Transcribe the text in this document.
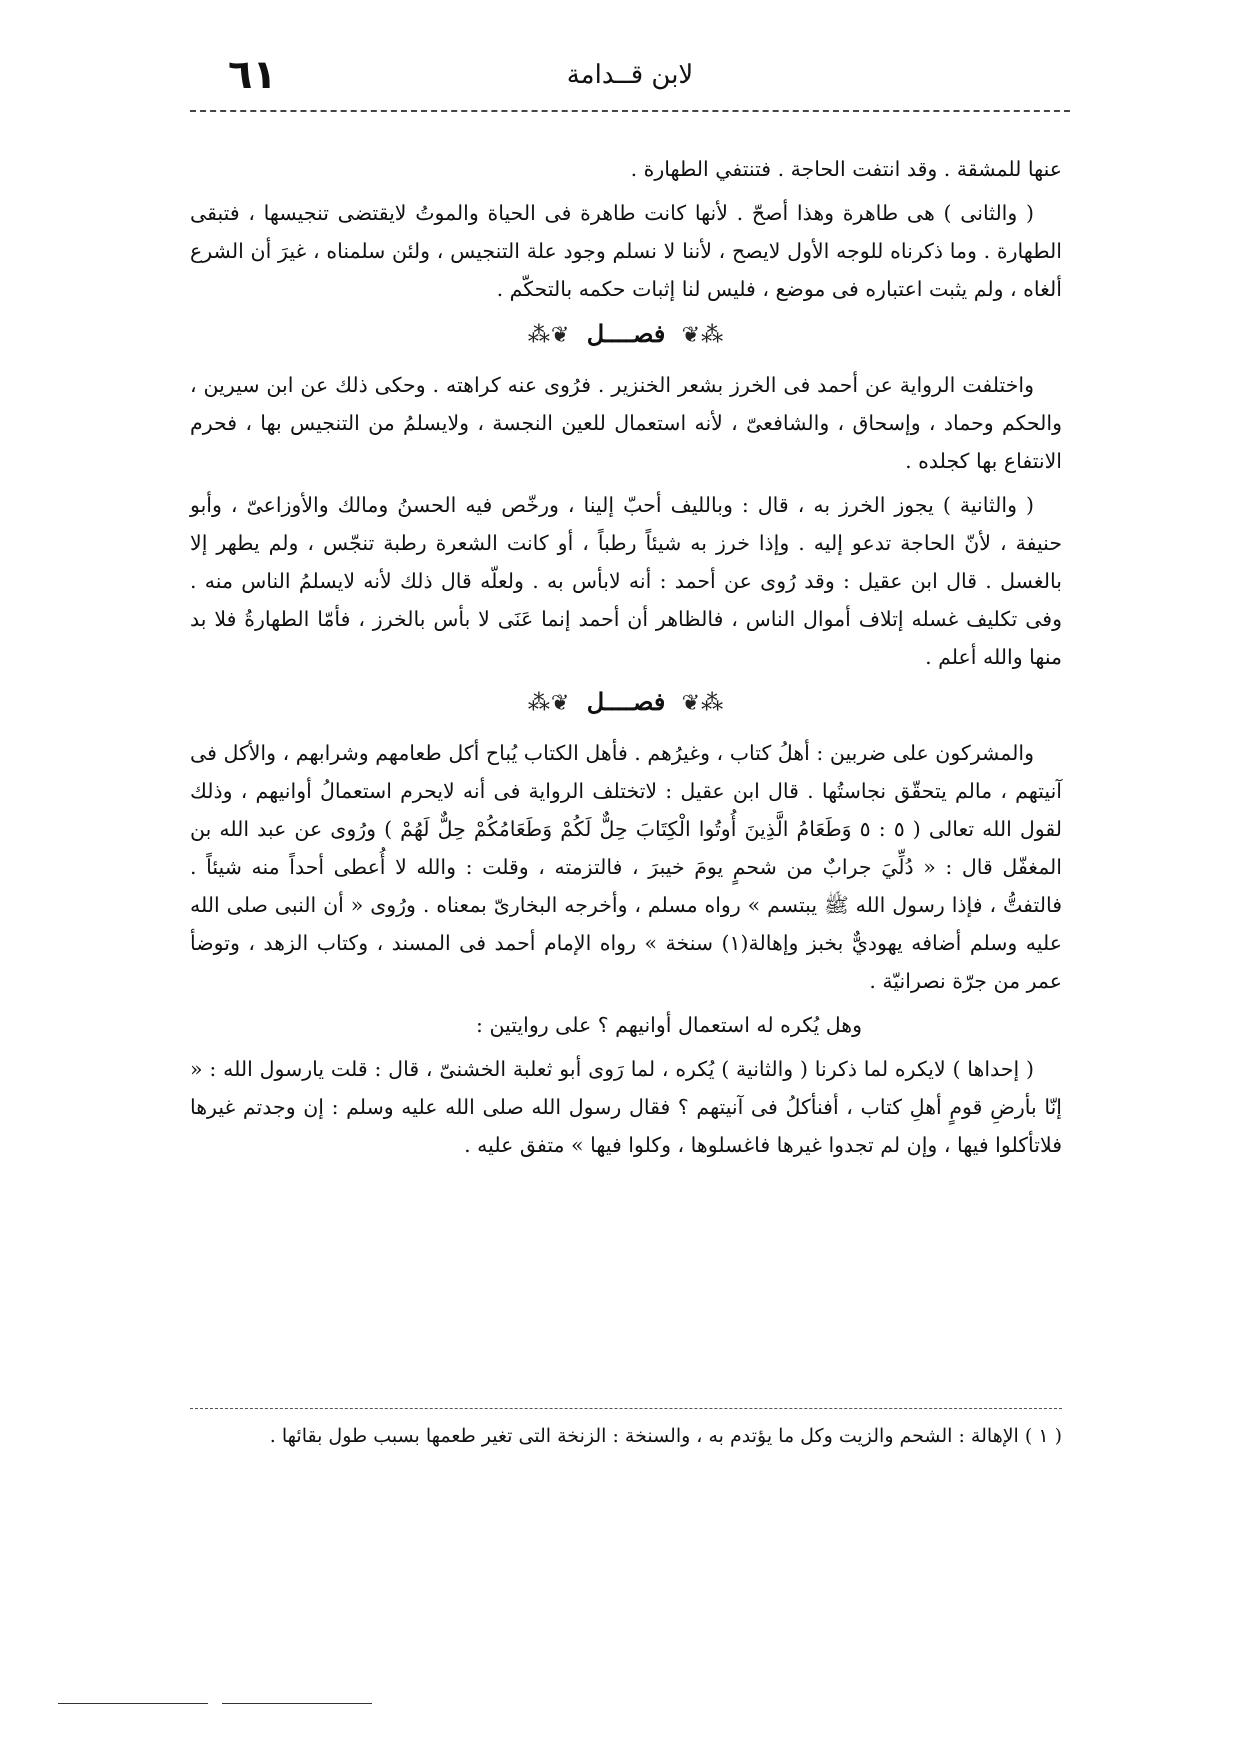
٦١	لابن قــدامة

عنها للمشقة . وقد انتفت الحاجة . فتنتفي الطهارة .

( والثانى ) هى طاهرة وهذا أصحّ . لأنها كانت طاهرة فى الحياة والموتُ لايقتضى تنجيسها ، فتبقى الطهارة . وما ذكرناه للوجه الأول لايصح ، لأننا لا نسلم وجود علة التنجيس ، ولئن سلمناه ، غيرَ أن الشرع ألغاه ، ولم يثبت اعتباره فى موضع ، فليس لنا إثبات حكمه بالتحكّم .

⁂❦ فصــــل ❦⁂

واختلفت الرواية عن أحمد فى الخرز بشعر الخنزير . فرُوى عنه كراهته . وحكى ذلك عن ابن سيرين ، والحكم وحماد ، وإسحاق ، والشافعىّ ، لأنه استعمال للعين النجسة ، ولايسلمُ من التنجيس بها ، فحرم الانتفاع بها كجلده .

( والثانية ) يجوز الخرز به ، قال : وبالليف أحبّ إلينا ، ورخّص فيه الحسنُ ومالك والأوزاعىّ ، وأبو حنيفة ، لأنّ الحاجة تدعو إليه . وإذا خرز به شيئاً رطباً ، أو كانت الشعرة رطبة تنجّس ، ولم يطهر إلا بالغسل . قال ابن عقيل : وقد رُوى عن أحمد : أنه لابأس به . ولعلّه قال ذلك لأنه لايسلمُ الناس منه . وفى تكليف غسله إتلاف أموال الناس ، فالظاهر أن أحمد إنما عَنَى لا بأس بالخرز ، فأمّا الطهارةُ فلا بد منها والله أعلم .

⁂❦ فصــــل ❦⁂

والمشركون على ضربين : أهلُ كتاب ، وغيرُهم . فأهل الكتاب يُباح أكل طعامهم وشرابهم ، والأكل فى آنيتهم ، مالم يتحقّق نجاستُها . قال ابن عقيل : لاتختلف الرواية فى أنه لايحرم استعمالُ أوانيهم ، وذلك لقول الله تعالى ( ٥ : ٥ وَطَعَامُ الَّذِينَ أُوتُوا الْكِتَابَ حِلٌّ لَكُمْ وَطَعَامُكُمْ حِلٌّ لَهُمْ ) ورُوى عن عبد الله بن المغفّل قال : « دُلِّيَ جرابٌ من شحمٍ يومَ خيبرَ ، فالتزمته ، وقلت : والله لا أُعطى أحداً منه شيئاً . فالتفتُّ ، فإذا رسول الله ﷺ يبتسم » رواه مسلم ، وأخرجه البخارىّ بمعناه . ورُوى « أن النبى صلى الله عليه وسلم أضافه يهوديٌّ بخبز وإهالة(١) سنخة » رواه الإمام أحمد فى المسند ، وكتاب الزهد ، وتوضأ عمر من جرّة نصرانيّة .

وهل يُكره له استعمال أوانيهم ؟ على روايتين :

( إحداها ) لايكره لما ذكرنا ( والثانية ) يُكره ، لما رَوى أبو ثعلبة الخشنىّ ، قال : قلت يارسول الله : « إنّا بأرضِ قومٍ أهلِ كتاب ، أفنأكلُ فى آنيتهم ؟ فقال رسول الله صلى الله عليه وسلم : إن وجدتم غيرها فلاتأكلوا فيها ، وإن لم تجدوا غيرها فاغسلوها ، وكلوا فيها » متفق عليه .

( ١ ) الإهالة : الشحم والزيت وكل ما يؤتدم به ، والسنخة : الزنخة التى تغير طعمها بسبب طول بقائها .
